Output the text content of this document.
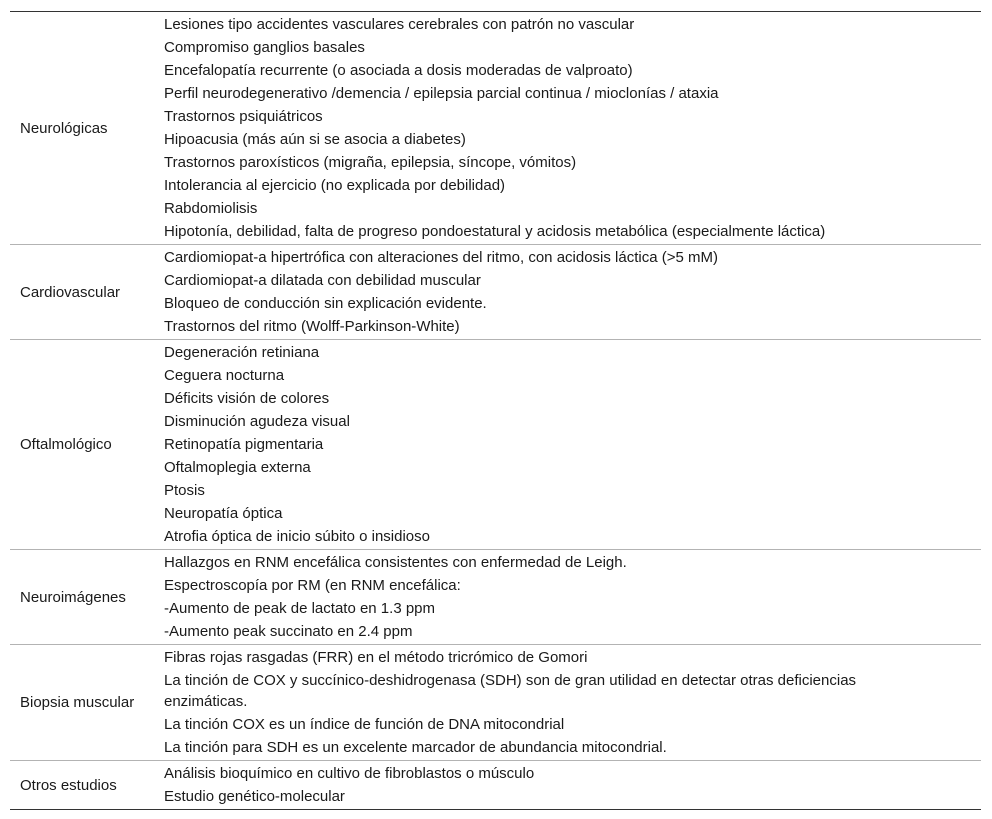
Neurológicas
Lesiones tipo accidentes vasculares cerebrales con patrón no vascular
Compromiso ganglios basales
Encefalopatía recurrente (o asociada a dosis moderadas de valproato)
Perfil neurodegenerativo /demencia / epilepsia parcial continua / mioclonías / ataxia
Trastornos psiquiátricos
Hipoacusia (más aún si se asocia a diabetes)
Trastornos paroxísticos (migraña, epilepsia, síncope, vómitos)
Intolerancia al ejercicio (no explicada por debilidad)
Rabdomiolisis
Hipotonía, debilidad, falta de progreso pondoestatural y acidosis metabólica (especialmente láctica)
Cardiovascular
Cardiomiopat-a hipertrófica con alteraciones del ritmo, con acidosis láctica (>5 mM)
Cardiomiopat-a dilatada con debilidad muscular
Bloqueo de conducción sin explicación evidente.
Trastornos del ritmo (Wolff-Parkinson-White)
Oftalmológico
Degeneración retiniana
Ceguera nocturna
Déficits visión de colores
Disminución agudeza visual
Retinopatía pigmentaria
Oftalmoplegia externa
Ptosis
Neuropatía óptica
Atrofia óptica de inicio súbito o insidioso
Neuroimágenes
Hallazgos en RNM encefálica consistentes con enfermedad de Leigh.
Espectroscopía por RM (en RNM encefálica:
-Aumento de peak de lactato en 1.3 ppm
-Aumento peak succinato en 2.4 ppm
Biopsia muscular
Fibras rojas rasgadas (FRR) en el método tricrómico de Gomori
La tinción de COX y succínico-deshidrogenasa (SDH) son de gran utilidad en detectar otras deficiencias enzimáticas.
La tinción COX es un índice de función de DNA mitocondrial
La tinción para SDH es un excelente marcador de abundancia mitocondrial.
Otros estudios
Análisis bioquímico en cultivo de fibroblastos o músculo
Estudio genético-molecular
